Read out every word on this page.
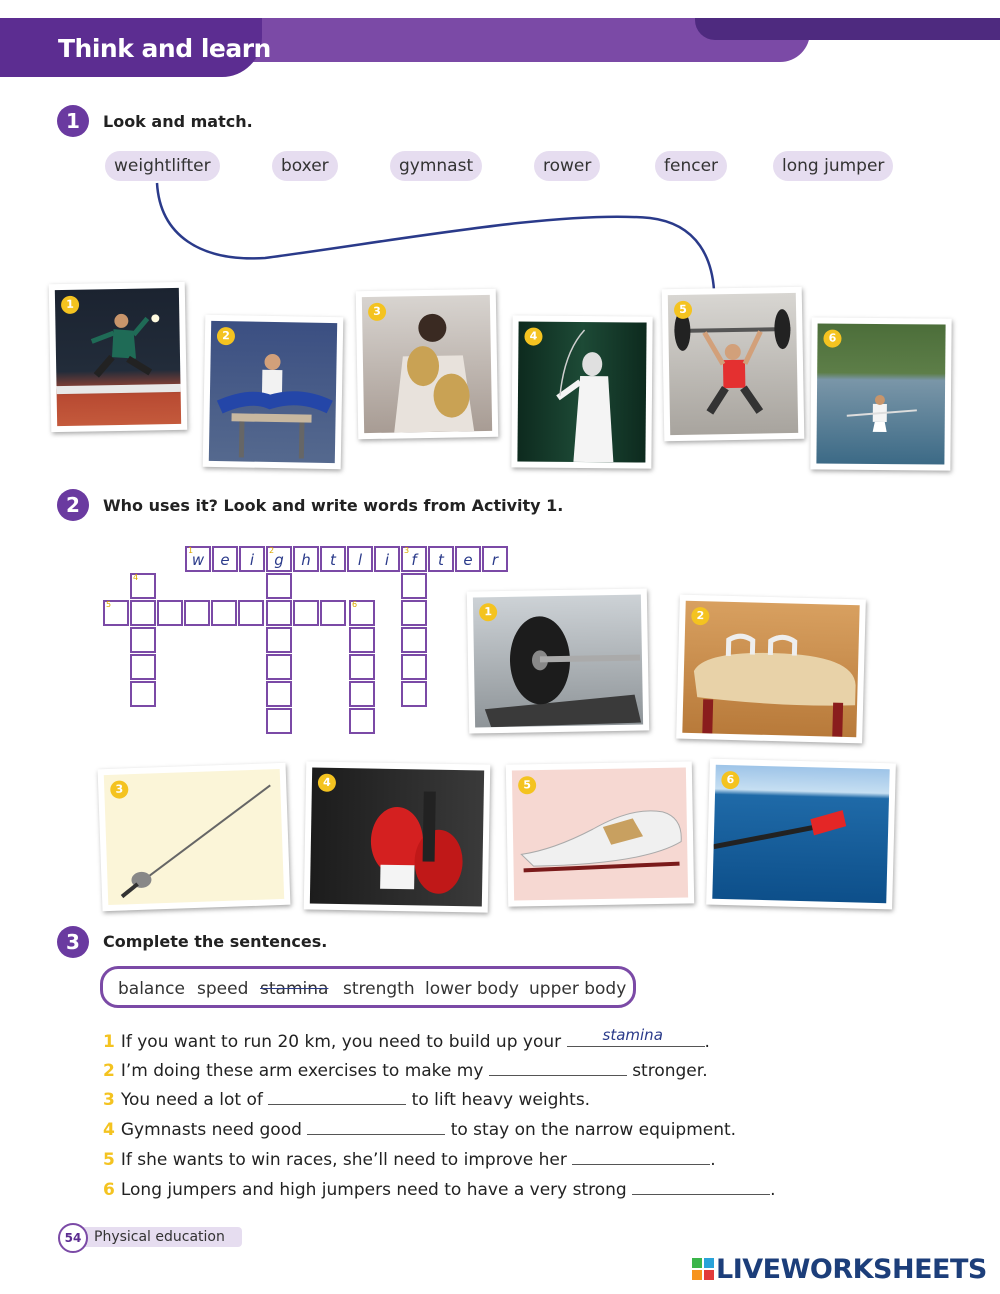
Think and learn
1	Look and match.
weightlifter	boxer	gymnast	rower	fencer	long jumper
1
2
3
4
5
6
2	Who uses it? Look and write words from Activity 1.
1
w	e	i
2
g	h	t	l	i
3
f	t	e	r
4
5	6
1	2
3
4	5	6
3	Complete the sentences.
balance speed stamina strength lower body upper body
1 If you want to run 20 km, you need to build up your	stamina .
2 I’m doing these arm exercises to make my	stronger.
3 You need a lot of	to lift heavy weights.
4 Gymnasts need good	to stay on the narrow equipment.
5 If she wants to win races, she’ll need to improve her	.
6 Long jumpers and high jumpers need to have a very strong	.
54 Physical education
LIVEWORKSHEETS
